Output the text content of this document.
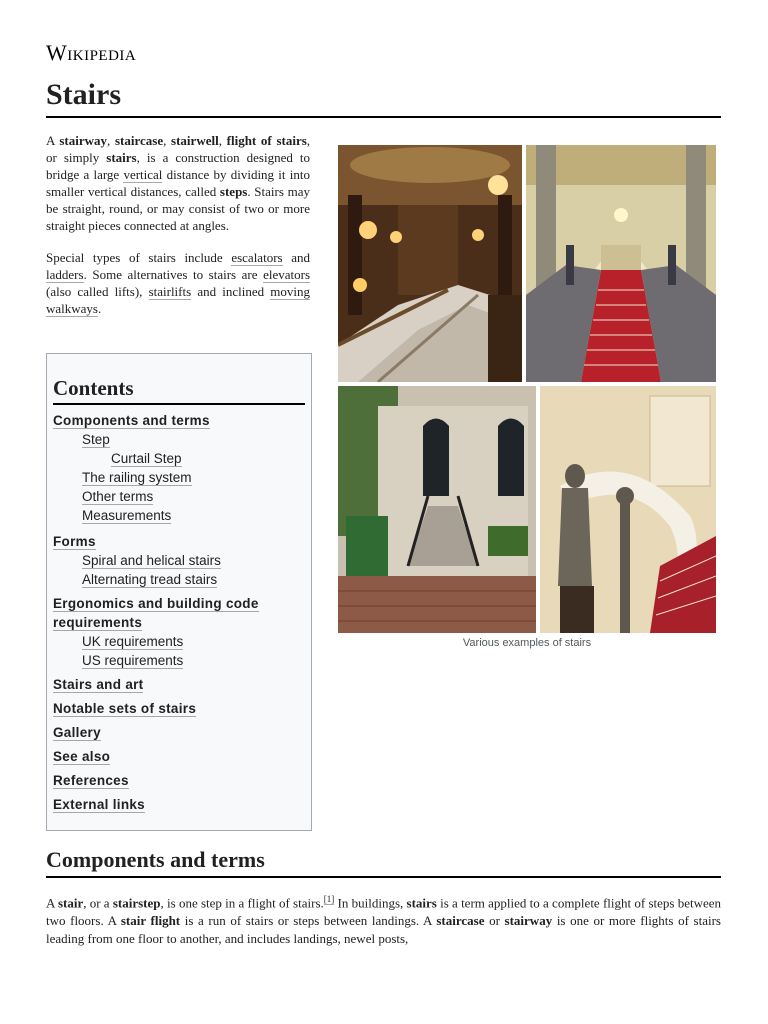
Wikipedia
Stairs

A stairway, staircase, stairwell, flight of stairs, or simply stairs, is a construction designed to bridge a large vertical distance by dividing it into smaller vertical distances, called steps. Stairs may be straight, round, or may consist of two or more straight pieces connected at angles.

Special types of stairs include escalators and ladders. Some alternatives to stairs are elevators (also called lifts), stairlifts and inclined moving walkways.

Various examples of stairs
Contents
Components and terms
Step
Curtail Step
The railing system
Other terms
Measurements
Forms
Spiral and helical stairs
Alternating tread stairs
Ergonomics and building code requirements
UK requirements
US requirements
Stairs and art
Notable sets of stairs
Gallery
See also
References
External links
Components and terms

A stair, or a stairstep, is one step in a flight of stairs.[1] In buildings, stairs is a term applied to a complete flight of steps between two floors. A stair flight is a run of stairs or steps between landings. A staircase or stairway is one or more flights of stairs leading from one floor to another, and includes landings, newel posts,
